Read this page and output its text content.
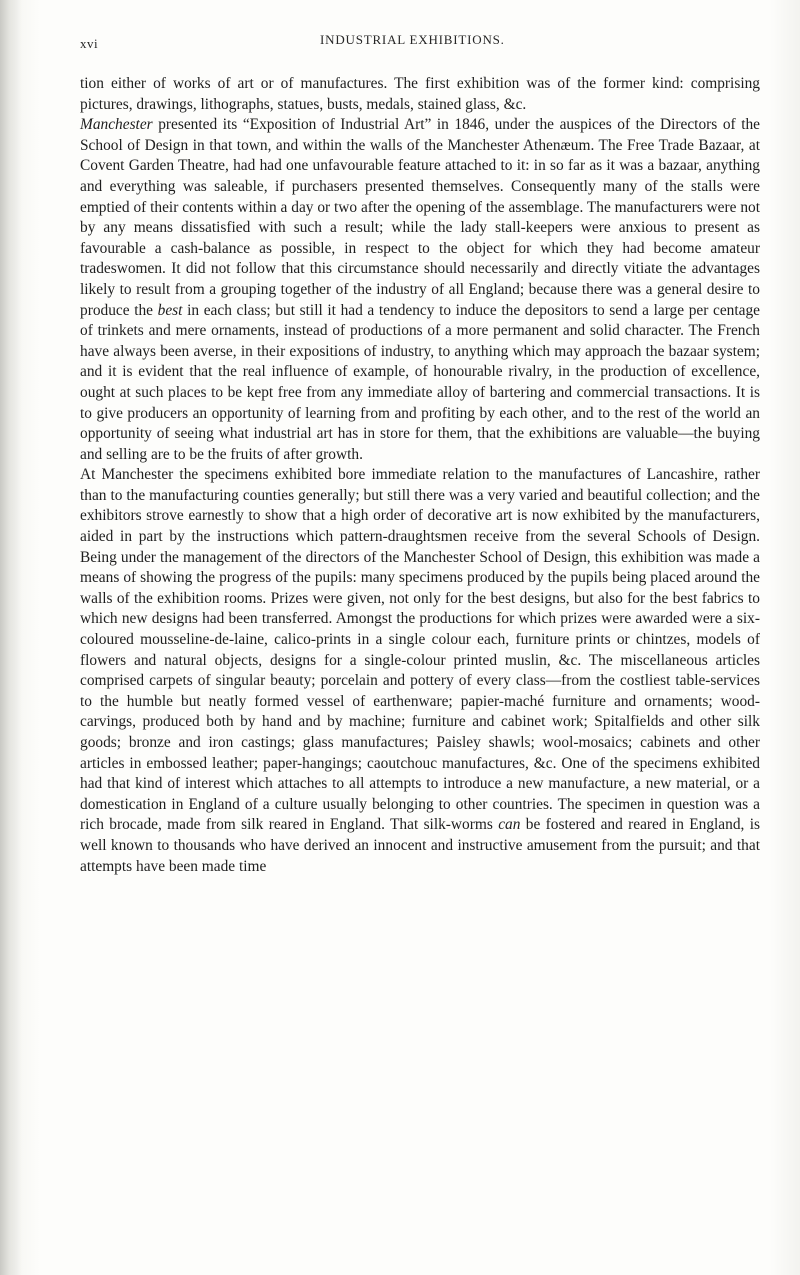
xvi	INDUSTRIAL EXHIBITIONS.

tion either of works of art or of manufactures. The first exhibition was of the former kind: comprising pictures, drawings, lithographs, statues, busts, medals, stained glass, &c.

Manchester presented its “Exposition of Industrial Art” in 1846, under the auspices of the Directors of the School of Design in that town, and within the walls of the Manchester Athenæum. The Free Trade Bazaar, at Covent Garden Theatre, had had one unfavourable feature attached to it: in so far as it was a bazaar, anything and everything was saleable, if purchasers presented themselves. Consequently many of the stalls were emptied of their contents within a day or two after the opening of the assemblage. The manufacturers were not by any means dissatisfied with such a result; while the lady stall-keepers were anxious to present as favourable a cash-balance as possible, in respect to the object for which they had become amateur tradeswomen. It did not follow that this circumstance should necessarily and directly vitiate the advantages likely to result from a grouping together of the industry of all England; because there was a general desire to produce the best in each class; but still it had a tendency to induce the depositors to send a large per centage of trinkets and mere ornaments, instead of productions of a more permanent and solid character. The French have always been averse, in their expositions of industry, to anything which may approach the bazaar system; and it is evident that the real influence of example, of honourable rivalry, in the production of excellence, ought at such places to be kept free from any immediate alloy of bartering and commercial transactions. It is to give producers an opportunity of learning from and profiting by each other, and to the rest of the world an opportunity of seeing what industrial art has in store for them, that the exhibitions are valuable—the buying and selling are to be the fruits of after growth.

At Manchester the specimens exhibited bore immediate relation to the manufactures of Lancashire, rather than to the manufacturing counties generally; but still there was a very varied and beautiful collection; and the exhibitors strove earnestly to show that a high order of decorative art is now exhibited by the manufacturers, aided in part by the instructions which pattern-draughtsmen receive from the several Schools of Design. Being under the management of the directors of the Manchester School of Design, this exhibition was made a means of showing the progress of the pupils: many specimens produced by the pupils being placed around the walls of the exhibition rooms. Prizes were given, not only for the best designs, but also for the best fabrics to which new designs had been transferred. Amongst the productions for which prizes were awarded were a six-coloured mousseline-de-laine, calico-prints in a single colour each, furniture prints or chintzes, models of flowers and natural objects, designs for a single-colour printed muslin, &c. The miscellaneous articles comprised carpets of singular beauty; porcelain and pottery of every class—from the costliest table-services to the humble but neatly formed vessel of earthenware; papier-maché furniture and ornaments; wood-carvings, produced both by hand and by machine; furniture and cabinet work; Spitalfields and other silk goods; bronze and iron castings; glass manufactures; Paisley shawls; wool-mosaics; cabinets and other articles in embossed leather; paper-hangings; caoutchouc manufactures, &c. One of the specimens exhibited had that kind of interest which attaches to all attempts to introduce a new manufacture, a new material, or a domestication in England of a culture usually belonging to other countries. The specimen in question was a rich brocade, made from silk reared in England. That silk-worms can be fostered and reared in England, is well known to thousands who have derived an innocent and instructive amusement from the pursuit; and that attempts have been made time
